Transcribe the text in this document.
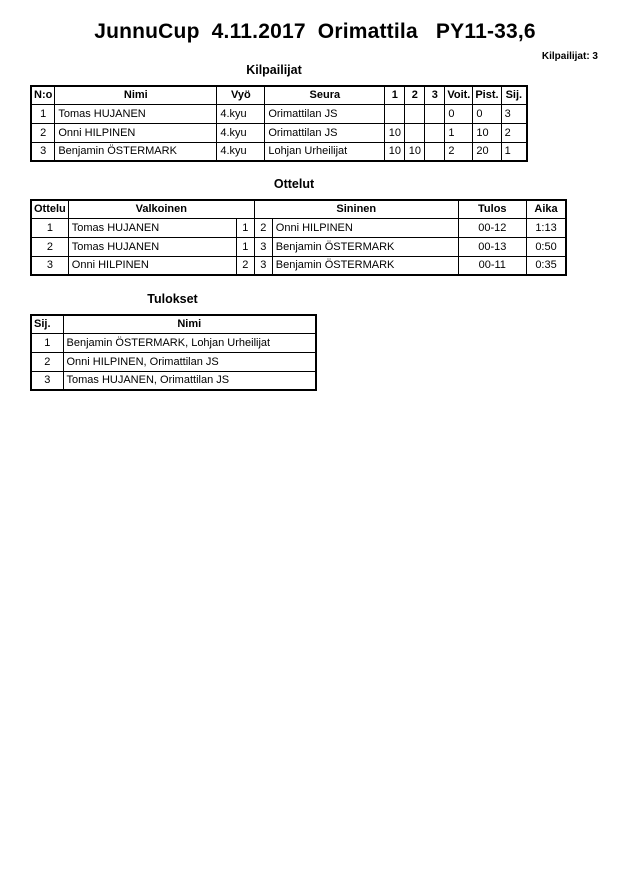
JunnuCup  4.11.2017  Orimattila   PY11-33,6
Kilpailijat: 3
Kilpailijat
N:o	Nimi	Vyö	Seura	1	2	3	Voit.	Pist.	Sij.
1	Tomas HUJANEN	4.kyu	Orimattilan JS				0	0	3
2	Onni HILPINEN	4.kyu	Orimattilan JS	10			1	10	2
3	Benjamin ÖSTERMARK	4.kyu	Lohjan Urheilijat	10	10		2	20	1
Ottelut
Ottelu	Valkoinen		Sininen		Tulos	Aika
1	Tomas HUJANEN	1	2	Onni HILPINEN	00-12	1:13
2	Tomas HUJANEN	1	3	Benjamin ÖSTERMARK	00-13	0:50
3	Onni HILPINEN	2	3	Benjamin ÖSTERMARK	00-11	0:35
Tulokset
Sij.	Nimi
1	Benjamin ÖSTERMARK, Lohjan Urheilijat
2	Onni HILPINEN, Orimattilan JS
3	Tomas HUJANEN, Orimattilan JS
